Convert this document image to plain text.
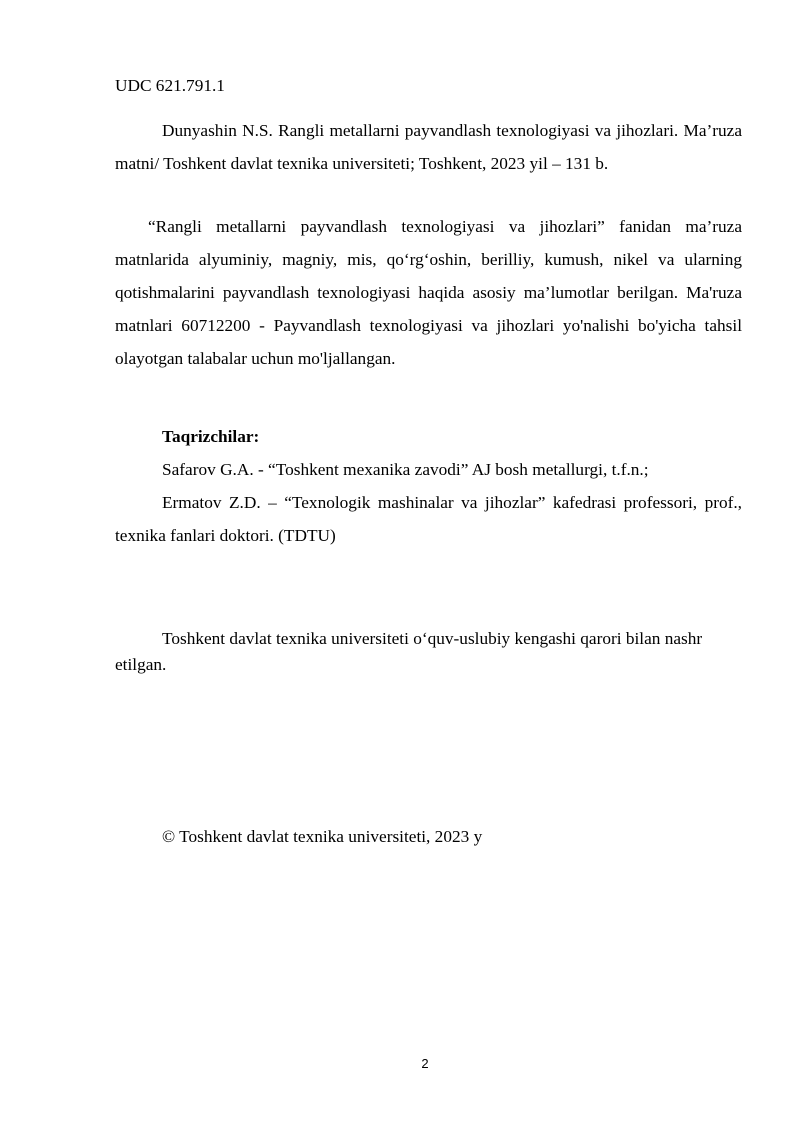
UDC 621.791.1
Dunyashin N.S. Rangli metallarni payvandlash texnologiyasi va jihozlari. Ma’ruza matni/ Toshkent davlat texnika universiteti; Toshkent, 2023 yil – 131 b.
“Rangli metallarni payvandlash texnologiyasi va jihozlari” fanidan ma’ruza matnlarida alyuminiy, magniy, mis, qo‘rg‘oshin, berilliy, kumush, nikel va ularning qotishmalarini payvandlash texnologiyasi haqida asosiy ma’lumotlar berilgan. Ma'ruza matnlari 60712200 - Payvandlash texnologiyasi va jihozlari yo'nalishi bo'yicha tahsil olayotgan talabalar uchun mo'ljallangan.
Taqrizchilar:
Safarov G.A. - “Toshkent mexanika zavodi” AJ bosh metallurgi, t.f.n.;
Ermatov Z.D. – “Texnologik mashinalar va jihozlar” kafedrasi professori, prof., texnika fanlari doktori. (TDTU)
Toshkent davlat texnika universiteti o‘quv-uslubiy kengashi qarori bilan nashr etilgan.
© Toshkent davlat texnika universiteti, 2023 y
2
